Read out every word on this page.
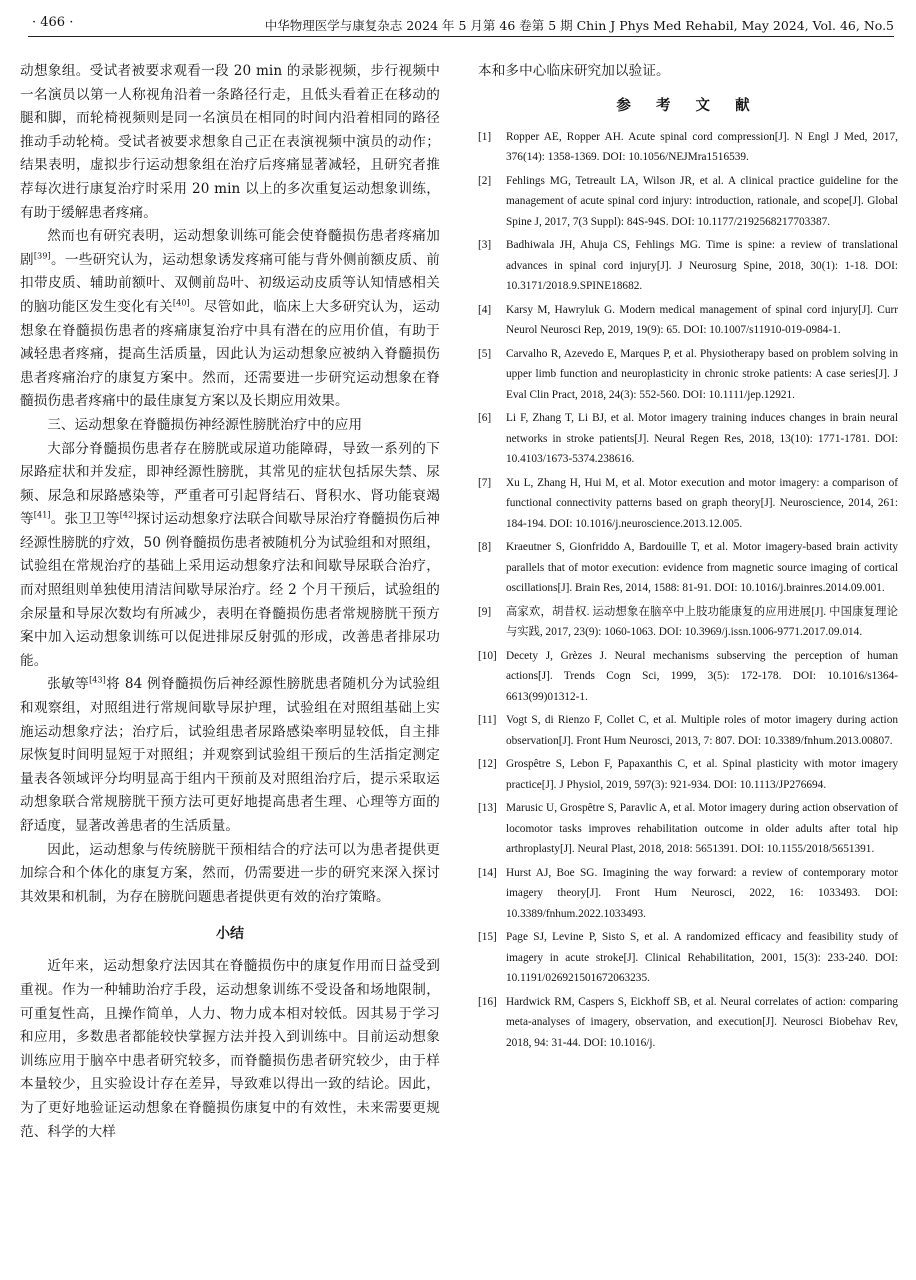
· 466 ·	中华物理医学与康复杂志 2024 年 5 月第 46 卷第 5 期 Chin J Phys Med Rehabil, May 2024, Vol. 46, No.5

动想象组。受试者被要求观看一段 20 min 的录影视频，步行视频中一名演员以第一人称视角沿着一条路径行走，且低头看着正在移动的腿和脚，而轮椅视频则是同一名演员在相同的时间内沿着相同的路径推动手动轮椅。受试者被要求想象自己正在表演视频中演员的动作；结果表明，虚拟步行运动想象组在治疗后疼痛显著减轻，且研究者推荐每次进行康复治疗时采用 20 min 以上的多次重复运动想象训练，有助于缓解患者疼痛。

然而也有研究表明，运动想象训练可能会使脊髓损伤患者疼痛加剧[39]。一些研究认为，运动想象诱发疼痛可能与背外侧前额皮质、前扣带皮质、辅助前额叶、双侧前岛叶、初级运动皮质等认知情感相关的脑功能区发生变化有关[40]。尽管如此，临床上大多研究认为，运动想象在脊髓损伤患者的疼痛康复治疗中具有潜在的应用价值，有助于减轻患者疼痛，提高生活质量，因此认为运动想象应被纳入脊髓损伤患者疼痛治疗的康复方案中。然而，还需要进一步研究运动想象在脊髓损伤患者疼痛中的最佳康复方案以及长期应用效果。

三、运动想象在脊髓损伤神经源性膀胱治疗中的应用

大部分脊髓损伤患者存在膀胱或尿道功能障碍，导致一系列的下尿路症状和并发症，即神经源性膀胱，其常见的症状包括尿失禁、尿频、尿急和尿路感染等，严重者可引起肾结石、肾积水、肾功能衰竭等[41]。张卫卫等[42]探讨运动想象疗法联合间歇导尿治疗脊髓损伤后神经源性膀胱的疗效，50 例脊髓损伤患者被随机分为试验组和对照组，试验组在常规治疗的基础上采用运动想象疗法和间歇导尿联合治疗，而对照组则单独使用清洁间歇导尿治疗。经 2 个月干预后，试验组的余尿量和导尿次数均有所减少，表明在脊髓损伤患者常规膀胱干预方案中加入运动想象训练可以促进排尿反射弧的形成，改善患者排尿功能。

张敏等[43]将 84 例脊髓损伤后神经源性膀胱患者随机分为试验组和观察组，对照组进行常规间歇导尿护理，试验组在对照组基础上实施运动想象疗法；治疗后，试验组患者尿路感染率明显较低，自主排尿恢复时间明显短于对照组；并观察到试验组干预后的生活指定测定量表各领域评分均明显高于组内干预前及对照组治疗后，提示采取运动想象联合常规膀胱干预方法可更好地提高患者生理、心理等方面的舒适度，显著改善患者的生活质量。

因此，运动想象与传统膀胱干预相结合的疗法可以为患者提供更加综合和个体化的康复方案，然而，仍需要进一步的研究来深入探讨其效果和机制，为存在膀胱问题患者提供更有效的治疗策略。

小结

近年来，运动想象疗法因其在脊髓损伤中的康复作用而日益受到重视。作为一种辅助治疗手段，运动想象训练不受设备和场地限制，可重复性高，且操作简单，人力、物力成本相对较低。因其易于学习和应用，多数患者都能较快掌握方法并投入到训练中。目前运动想象训练应用于脑卒中患者研究较多，而脊髓损伤患者研究较少，由于样本量较少，且实验设计存在差异，导致难以得出一致的结论。因此，为了更好地验证运动想象在脊髓损伤康复中的有效性，未来需要更规范、科学的大样

本和多中心临床研究加以验证。

参 考 文 献
[1]	Ropper AE, Ropper AH. Acute spinal cord compression[J]. N Engl J Med, 2017, 376(14): 1358-1369. DOI: 10.1056/NEJMra1516539.
[2]	Fehlings MG, Tetreault LA, Wilson JR, et al. A clinical practice guideline for the management of acute spinal cord injury: introduction, rationale, and scope[J]. Global Spine J, 2017, 7(3 Suppl): 84S-94S. DOI: 10.1177/2192568217703387.
[3]	Badhiwala JH, Ahuja CS, Fehlings MG. Time is spine: a review of translational advances in spinal cord injury[J]. J Neurosurg Spine, 2018, 30(1): 1-18. DOI: 10.3171/2018.9.SPINE18682.
[4]	Karsy M, Hawryluk G. Modern medical management of spinal cord injury[J]. Curr Neurol Neurosci Rep, 2019, 19(9): 65. DOI: 10.1007/s11910-019-0984-1.
[5]	Carvalho R, Azevedo E, Marques P, et al. Physiotherapy based on problem solving in upper limb function and neuroplasticity in chronic stroke patients: A case series[J]. J Eval Clin Pract, 2018, 24(3): 552-560. DOI: 10.1111/jep.12921.
[6]	Li F, Zhang T, Li BJ, et al. Motor imagery training induces changes in brain neural networks in stroke patients[J]. Neural Regen Res, 2018, 13(10): 1771-1781. DOI: 10.4103/1673-5374.238616.
[7]	Xu L, Zhang H, Hui M, et al. Motor execution and motor imagery: a comparison of functional connectivity patterns based on graph theory[J]. Neuroscience, 2014, 261: 184-194. DOI: 10.1016/j.neuroscience.2013.12.005.
[8]	Kraeutner S, Gionfriddo A, Bardouille T, et al. Motor imagery-based brain activity parallels that of motor execution: evidence from magnetic source imaging of cortical oscillations[J]. Brain Res, 2014, 1588: 81-91. DOI: 10.1016/j.brainres.2014.09.001.
[9]	高家欢，胡昔权. 运动想象在脑卒中上肢功能康复的应用进展[J]. 中国康复理论与实践, 2017, 23(9): 1060-1063. DOI: 10.3969/j.issn.1006-9771.2017.09.014.
[10] Decety J, Grèzes J. Neural mechanisms subserving the perception of human actions[J]. Trends Cogn Sci, 1999, 3(5): 172-178. DOI: 10.1016/s1364-6613(99)01312-1.
[11] Vogt S, di Rienzo F, Collet C, et al. Multiple roles of motor imagery during action observation[J]. Front Hum Neurosci, 2013, 7: 807. DOI: 10.3389/fnhum.2013.00807.
[12] Grospêtre S, Lebon F, Papaxanthis C, et al. Spinal plasticity with motor imagery practice[J]. J Physiol, 2019, 597(3): 921-934. DOI: 10.1113/JP276694.
[13] Marusic U, Grospêtre S, Paravlic A, et al. Motor imagery during action observation of locomotor tasks improves rehabilitation outcome in older adults after total hip arthroplasty[J]. Neural Plast, 2018, 2018: 5651391. DOI: 10.1155/2018/5651391.
[14] Hurst AJ, Boe SG. Imagining the way forward: a review of contemporary motor imagery theory[J]. Front Hum Neurosci, 2022, 16: 1033493. DOI: 10.3389/fnhum.2022.1033493.
[15] Page SJ, Levine P, Sisto S, et al. A randomized efficacy and feasibility study of imagery in acute stroke[J]. Clinical Rehabilitation, 2001, 15(3): 233-240. DOI: 10.1191/026921501672063235.
[16] Hardwick RM, Caspers S, Eickhoff SB, et al. Neural correlates of action: comparing meta-analyses of imagery, observation, and execution[J]. Neurosci Biobehav Rev, 2018, 94: 31-44. DOI: 10.1016/j.
